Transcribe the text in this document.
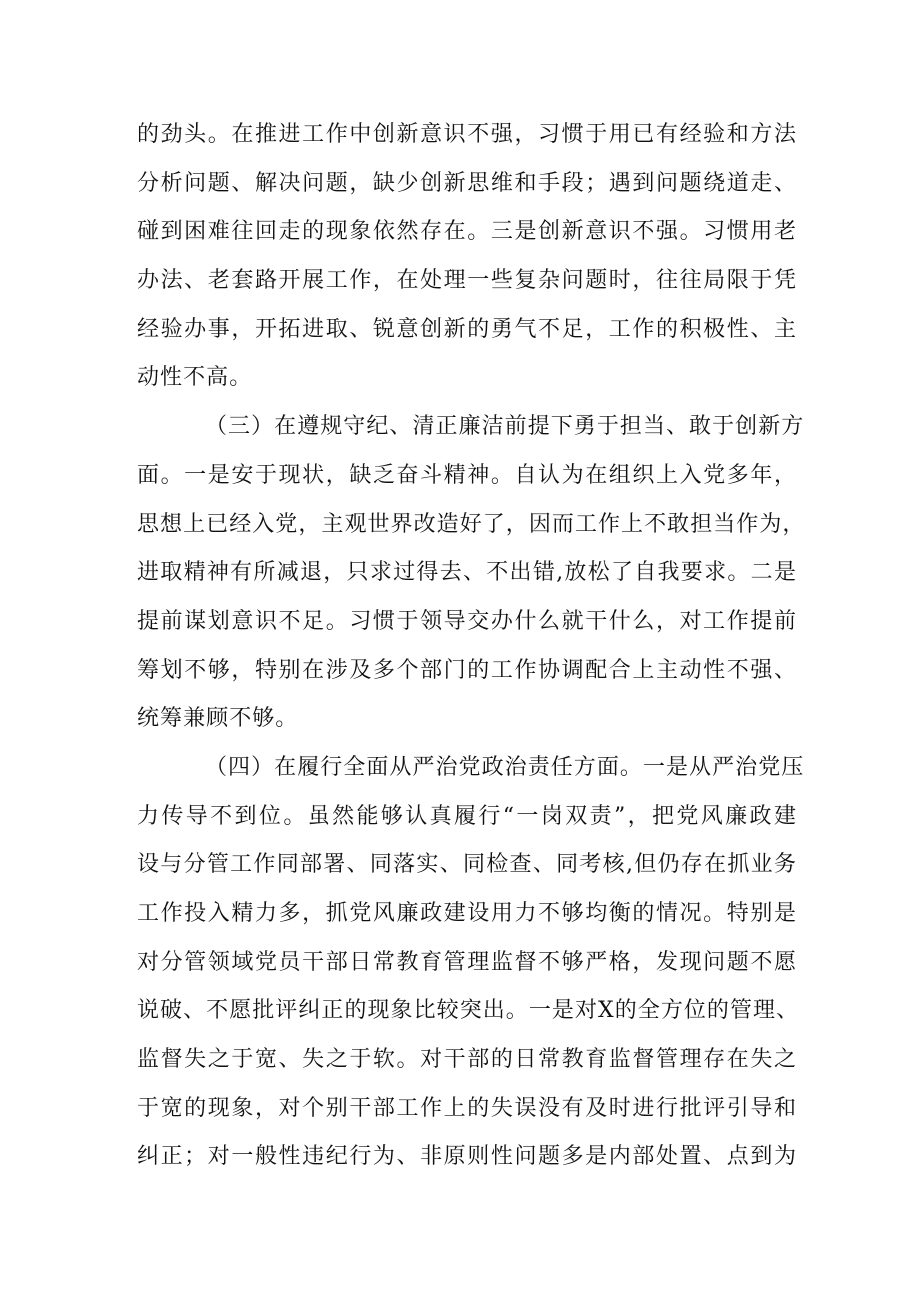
的劲头。在推进工作中创新意识不强，习惯于用已有经验和方法
分析问题、解决问题，缺少创新思维和手段；遇到问题绕道走、
碰到困难往回走的现象依然存在。三是创新意识不强。习惯用老
办法、老套路开展工作，在处理一些复杂问题时，往往局限于凭
经验办事，开拓进取、锐意创新的勇气不足，工作的积极性、主
动性不高。
（三）在遵规守纪、清正廉洁前提下勇于担当、敢于创新方
面。一是安于现状，缺乏奋斗精神。自认为在组织上入党多年，
思想上已经入党，主观世界改造好了，因而工作上不敢担当作为，
进取精神有所减退，只求过得去、不出错,放松了自我要求。二是
提前谋划意识不足。习惯于领导交办什么就干什么，对工作提前
筹划不够，特别在涉及多个部门的工作协调配合上主动性不强、
统筹兼顾不够。
（四）在履行全面从严治党政治责任方面。一是从严治党压
力传导不到位。虽然能够认真履行“一岗双责”，把党风廉政建
设与分管工作同部署、同落实、同检查、同考核,但仍存在抓业务
工作投入精力多，抓党风廉政建设用力不够均衡的情况。特别是
对分管领域党员干部日常教育管理监督不够严格，发现问题不愿
说破、不愿批评纠正的现象比较突出。一是对X的全方位的管理、
监督失之于宽、失之于软。对干部的日常教育监督管理存在失之
于宽的现象，对个别干部工作上的失误没有及时进行批评引导和
纠正；对一般性违纪行为、非原则性问题多是内部处置、点到为
